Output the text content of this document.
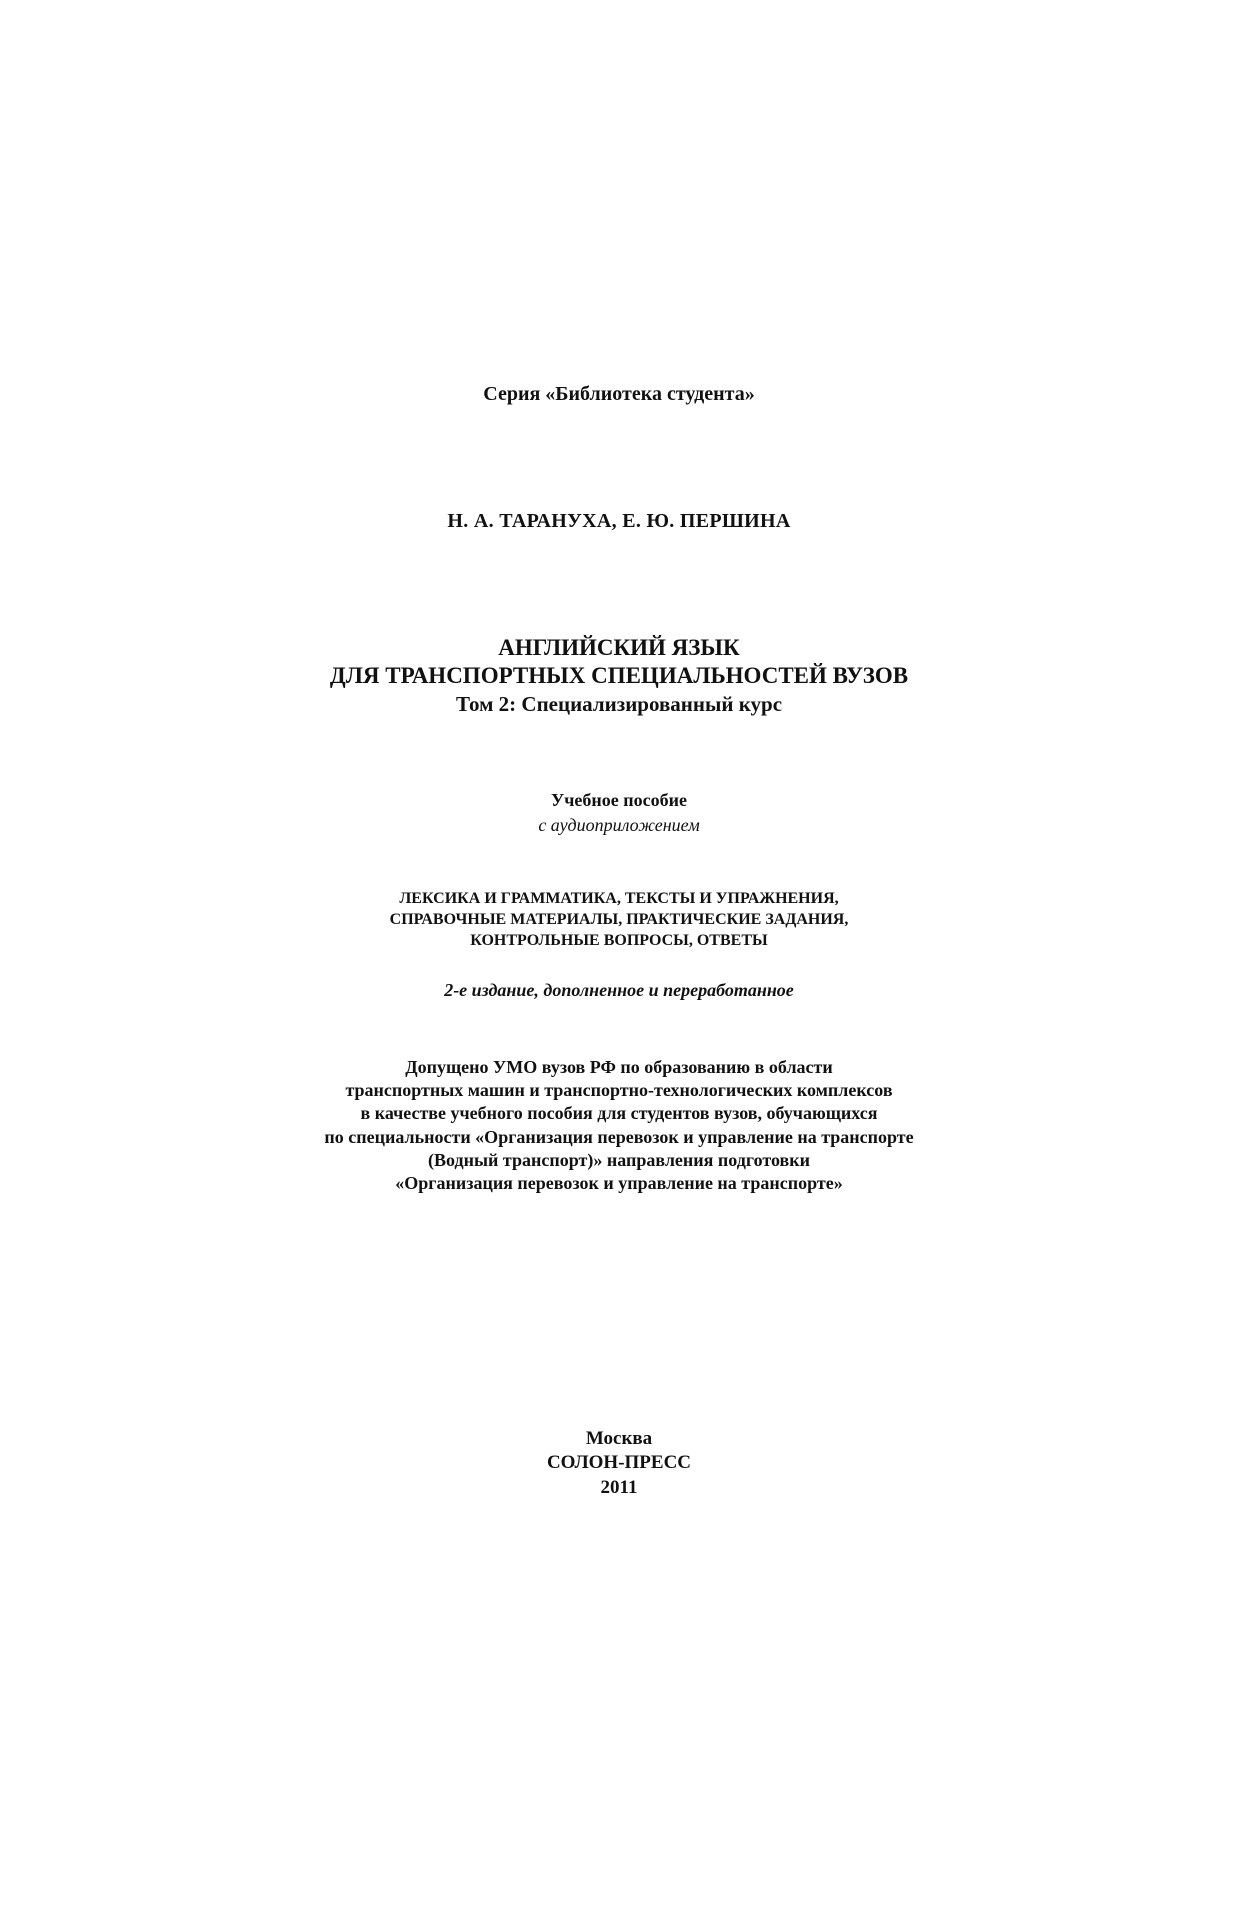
Серия «Библиотека студента»
Н. А. ТАРАНУХА, Е. Ю. ПЕРШИНА
АНГЛИЙСКИЙ ЯЗЫК
ДЛЯ ТРАНСПОРТНЫХ СПЕЦИАЛЬНОСТЕЙ ВУЗОВ
Том 2: Специализированный курс
Учебное пособие
с аудиоприложением
ЛЕКСИКА И ГРАММАТИКА, ТЕКСТЫ И УПРАЖНЕНИЯ,
СПРАВОЧНЫЕ МАТЕРИАЛЫ, ПРАКТИЧЕСКИЕ ЗАДАНИЯ,
КОНТРОЛЬНЫЕ ВОПРОСЫ, ОТВЕТЫ
2-е издание, дополненное и переработанное
Допущено УМО вузов РФ по образованию в области
транспортных машин и транспортно-технологических комплексов
в качестве учебного пособия для студентов вузов, обучающихся
по специальности «Организация перевозок и управление на транспорте
(Водный транспорт)» направления подготовки
«Организация перевозок и управление на транспорте»
Москва
СОЛОН-ПРЕСС
2011
